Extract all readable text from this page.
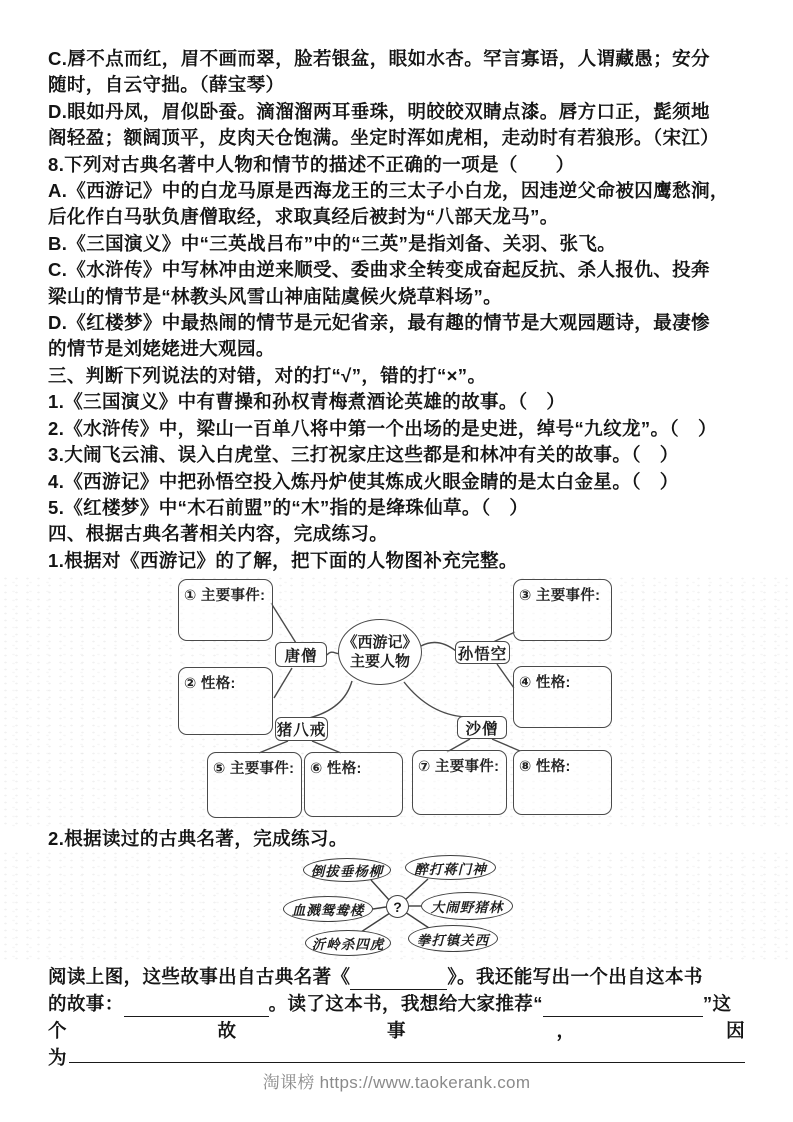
C.唇不点而红，眉不画而翠，脸若银盆，眼如水杏。罕言寡语，人谓藏愚；安分
随时，自云守拙。（薛宝琴）
D.眼如丹凤，眉似卧蚕。滴溜溜两耳垂珠，明皎皎双睛点漆。唇方口正，髭须地
阁轻盈；额阔顶平，皮肉天仓饱满。坐定时浑如虎相，走动时有若狼形。（宋江）
8.下列对古典名著中人物和情节的描述不正确的一项是（　　）
A.《西游记》中的白龙马原是西海龙王的三太子小白龙，因违逆父命被囚鹰愁涧，
后化作白马驮负唐僧取经，求取真经后被封为“八部天龙马”。
B.《三国演义》中“三英战吕布”中的“三英”是指刘备、关羽、张飞。
C.《水浒传》中写林冲由逆来顺受、委曲求全转变成奋起反抗、杀人报仇、投奔
梁山的情节是“林教头风雪山神庙陆虞候火烧草料场”。
D.《红楼梦》中最热闹的情节是元妃省亲，最有趣的情节是大观园题诗，最凄惨
的情节是刘姥姥进大观园。
三、判断下列说法的对错，对的打“√”，错的打“×”。
1.《三国演义》中有曹操和孙权青梅煮酒论英雄的故事。（　）
2.《水浒传》中，梁山一百单八将中第一个出场的是史进，绰号“九纹龙”。（　）
3.大闹飞云浦、误入白虎堂、三打祝家庄这些都是和林冲有关的故事。（　）
4.《西游记》中把孙悟空投入炼丹炉使其炼成火眼金睛的是太白金星。（　）
5.《红楼梦》中“木石前盟”的“木”指的是绛珠仙草。（　）
四、根据古典名著相关内容，完成练习。
1.根据对《西游记》的了解，把下面的人物图补充完整。
① 主要事件:
② 性格:
③ 主要事件:
④ 性格:
⑤ 主要事件:	⑥ 性格:	⑦ 主要事件:	⑧ 性格:
唐僧	孙悟空
猪八戒	沙僧
《西游记》
主要人物
2.根据读过的古典名著，完成练习。
倒拔垂杨柳	醉打蒋门神
血溅鸳鸯楼	大闹野猪林
沂岭杀四虎	拳打镇关西
?
阅读上图，这些故事出自古典名著《	》。我还能写出一个出自这本书
的故事：	。读了这本书，我想给大家推荐“	”这
个	故	事	，	因
为
淘课榜 https://www.taokerank.com
